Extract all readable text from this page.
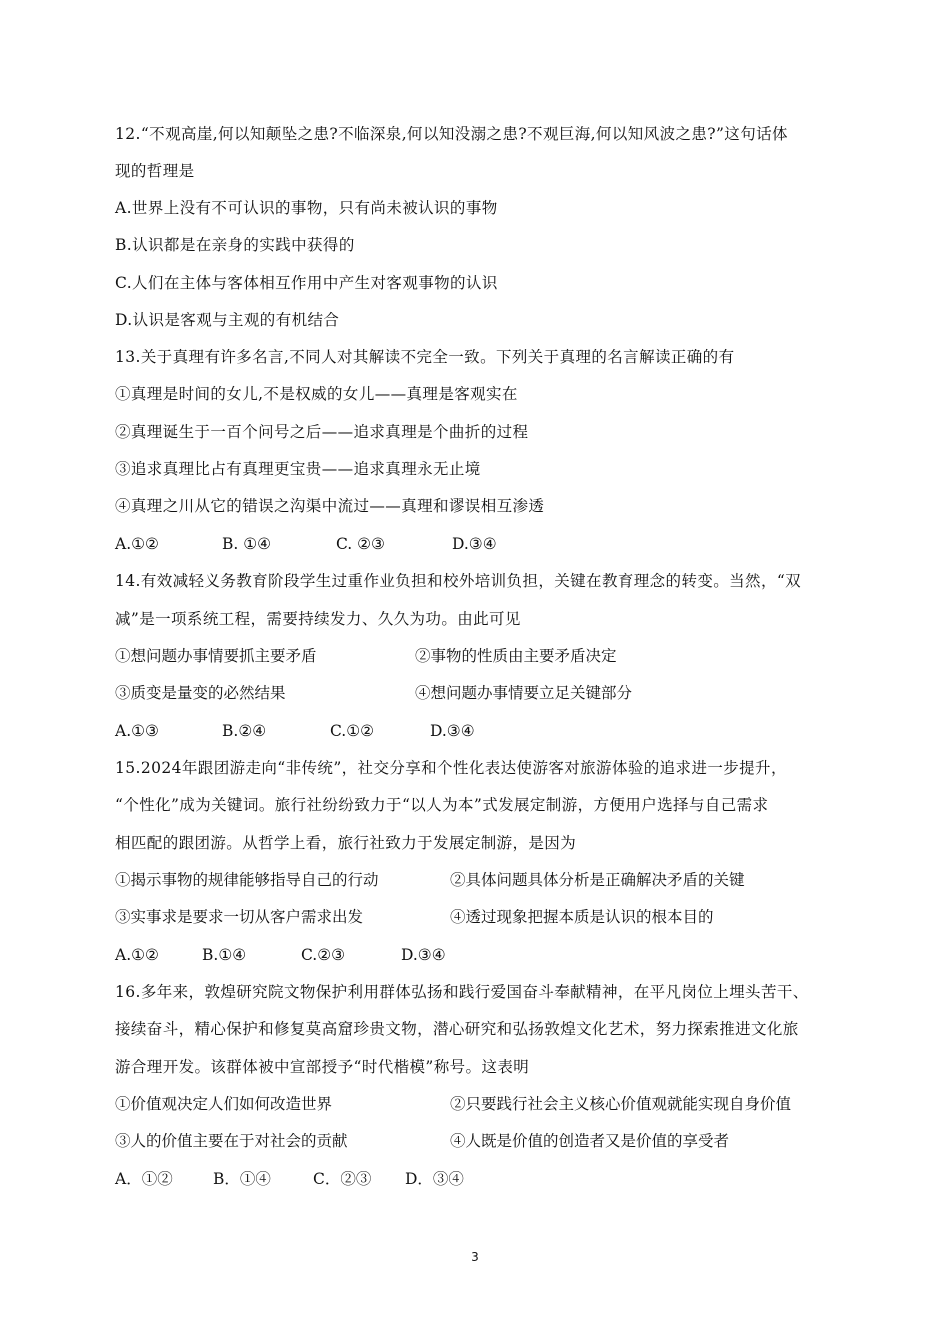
12.“不观高崖,何以知颠坠之患?不临深泉,何以知没溺之患?不观巨海,何以知风波之患?”这句话体
现的哲理是
A.世界上没有不可认识的事物，只有尚未被认识的事物
B.认识都是在亲身的实践中获得的
C.人们在主体与客体相互作用中产生对客观事物的认识
D.认识是客观与主观的有机结合
13.关于真理有许多名言,不同人对其解读不完全一致。下列关于真理的名言解读正确的有
①真理是时间的女儿,不是权威的女儿——真理是客观实在
②真理诞生于一百个问号之后——追求真理是个曲折的过程
③追求真理比占有真理更宝贵——追求真理永无止境
④真理之川从它的错误之沟渠中流过——真理和谬误相互渗透
A.①②	B. ①④	C. ②③	D.③④
14.有效减轻义务教育阶段学生过重作业负担和校外培训负担，关键在教育理念的转变。当然，“双
减”是一项系统工程，需要持续发力、久久为功。由此可见
①想问题办事情要抓主要矛盾	②事物的性质由主要矛盾决定
③质变是量变的必然结果	④想问题办事情要立足关键部分
A.①③	B.②④	C.①②	D.③④
15.2024年跟团游走向“非传统”，社交分享和个性化表达使游客对旅游体验的追求进一步提升，
“个性化”成为关键词。旅行社纷纷致力于“以人为本”式发展定制游，方便用户选择与自己需求
相匹配的跟团游。从哲学上看，旅行社致力于发展定制游，是因为
①揭示事物的规律能够指导自己的行动	②具体问题具体分析是正确解决矛盾的关键
③实事求是要求一切从客户需求出发	④透过现象把握本质是认识的根本目的
A.①②	B.①④	C.②③	D.③④
16.多年来，敦煌研究院文物保护利用群体弘扬和践行爱国奋斗奉献精神，在平凡岗位上埋头苦干、
接续奋斗，精心保护和修复莫高窟珍贵文物，潜心研究和弘扬敦煌文化艺术，努力探索推进文化旅
游合理开发。该群体被中宣部授予“时代楷模”称号。这表明
①价值观决定人们如何改造世界	②只要践行社会主义核心价值观就能实现自身价值
③人的价值主要在于对社会的贡献	④人既是价值的创造者又是价值的享受者
A．①②	B．①④	C．②③ D．③④
3
